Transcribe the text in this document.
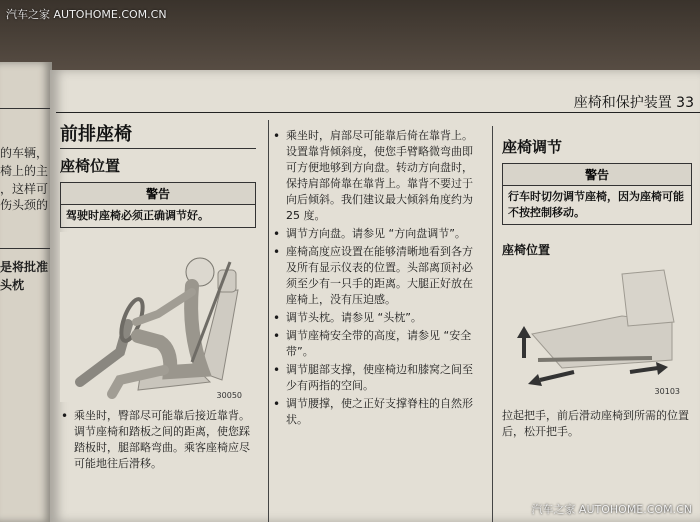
汽车之家 AUTOHOME.COM.CN
的车辆，
椅上的主
，这样可
伤头颈的
是将批准
头枕
座椅和保护装置 33
前排座椅
座椅位置
警告
驾驶时座椅必须正确调节好。
30050
• 乘坐时，臀部尽可能靠后接近靠背。调节座椅和踏板之间的距离，使您踩踏板时，腿部略弯曲。乘客座椅应尽可能地往后滑移。
• 乘坐时，肩部尽可能靠后倚在靠背上。设置靠背倾斜度，使您手臂略微弯曲即可方便地够到方向盘。转动方向盘时，保持肩部倚靠在靠背上。靠背不要过于向后倾斜。我们建议最大倾斜角度约为 25 度。
• 调节方向盘。请参见 “方向盘调节”。
• 座椅高度应设置在能够清晰地看到各方及所有显示仪表的位置。头部离顶衬必须至少有一只手的距离。大腿正好放在座椅上，没有压迫感。
• 调节头枕。请参见 “头枕”。
• 调节座椅安全带的高度，请参见 “安全带”。
• 调节腿部支撑，使座椅边和膝窝之间至少有两指的空间。
• 调节腰撑，使之正好支撑脊柱的自然形状。
座椅调节
警告
行车时切勿调节座椅，因为座椅可能不按控制移动。
座椅位置
30103

拉起把手，前后滑动座椅到所需的位置后，松开把手。

汽车之家 AUTOHOME.COM.CN
